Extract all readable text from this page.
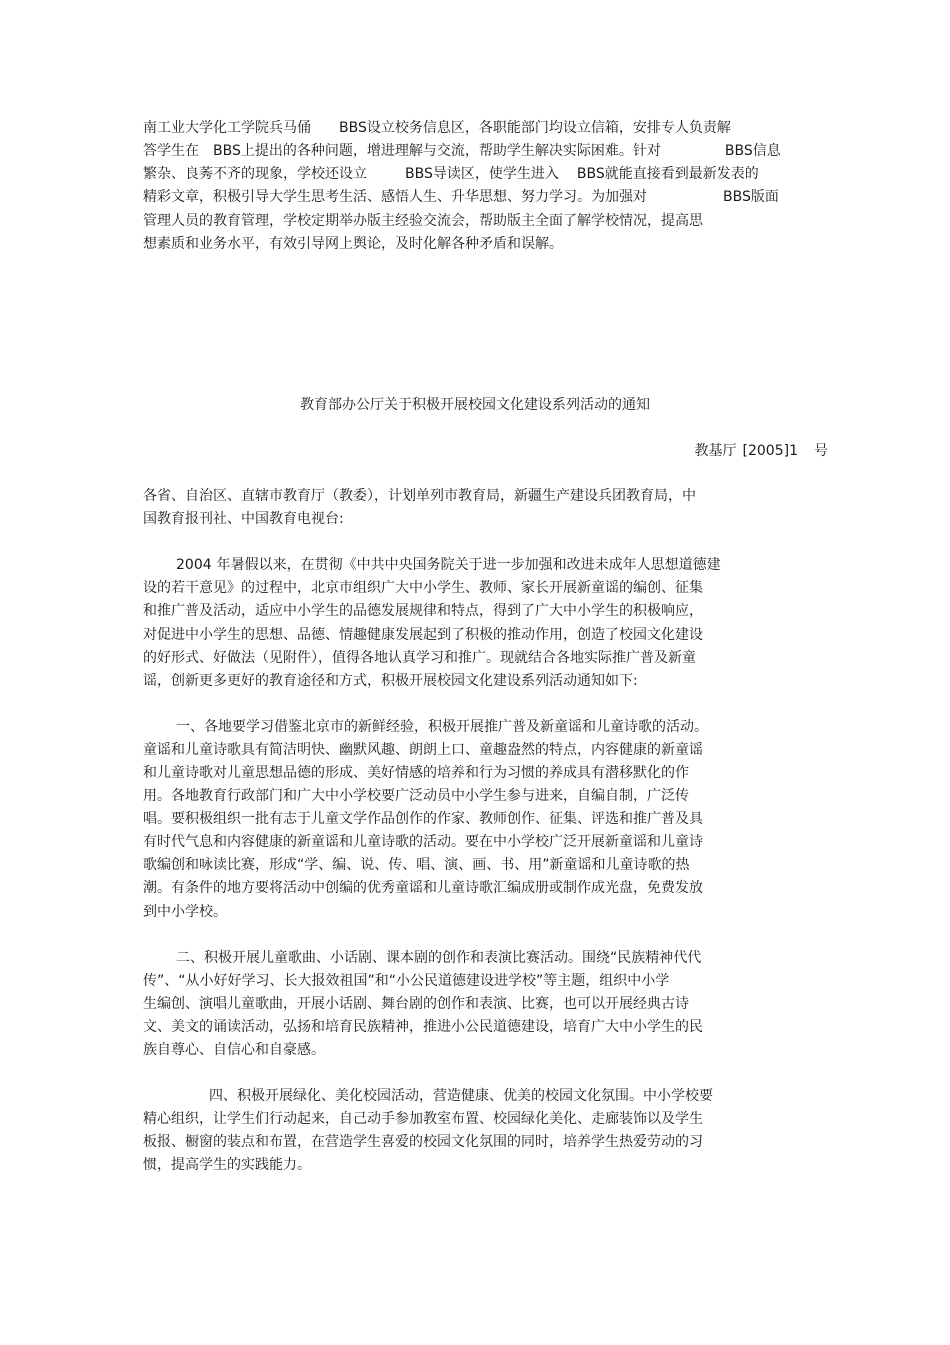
南工业大学化工学院兵马俑 BBS设立校务信息区，各职能部门均设立信箱，安排专人负责解
答学生在 BBS上提出的各种问题，增进理解与交流，帮助学生解决实际困难。针对	BBS信息
繁杂、良莠不齐的现象，学校还设立	BBS导读区，使学生进入 BBS就能直接看到最新发表的
精彩文章，积极引导大学生思考生活、感悟人生、升华思想、努力学习。为加强对	BBS版面
管理人员的教育管理，学校定期举办版主经验交流会，帮助版主全面了解学校情况，提高思
想素质和业务水平，有效引导网上舆论，及时化解各种矛盾和误解。
教育部办公厅关于积极开展校园文化建设系列活动的通知
教基厅 [2005]1 号
各省、自治区、直辖市教育厅（教委），计划单列市教育局，新疆生产建设兵团教育局，中
国教育报刊社、中国教育电视台:
2004 年暑假以来，在贯彻《中共中央国务院关于进一步加强和改进未成年人思想道德建
设的若干意见》的过程中，北京市组织广大中小学生、教师、家长开展新童谣的编创、征集
和推广普及活动，适应中小学生的品德发展规律和特点，得到了广大中小学生的积极响应，
对促进中小学生的思想、品德、情趣健康发展起到了积极的推动作用，创造了校园文化建设
的好形式、好做法（见附件），值得各地认真学习和推广。现就结合各地实际推广普及新童
谣，创新更多更好的教育途径和方式，积极开展校园文化建设系列活动通知如下:
一、各地要学习借鉴北京市的新鲜经验，积极开展推广普及新童谣和儿童诗歌的活动。
童谣和儿童诗歌具有简洁明快、幽默风趣、朗朗上口、童趣盎然的特点，内容健康的新童谣
和儿童诗歌对儿童思想品德的形成、美好情感的培养和行为习惯的养成具有潜移默化的作
用。各地教育行政部门和广大中小学校要广泛动员中小学生参与进来，自编自制，广泛传
唱。要积极组织一批有志于儿童文学作品创作的作家、教师创作、征集、评选和推广普及具
有时代气息和内容健康的新童谣和儿童诗歌的活动。要在中小学校广泛开展新童谣和儿童诗
歌编创和咏读比赛，形成“学、编、说、传、唱、演、画、书、用”新童谣和儿童诗歌的热
潮。有条件的地方要将活动中创编的优秀童谣和儿童诗歌汇编成册或制作成光盘，免费发放
到中小学校。
二、积极开展儿童歌曲、小话剧、课本剧的创作和表演比赛活动。围绕“民族精神代代
传”、“从小好好学习、长大报效祖国”和“小公民道德建设进学校”等主题，组织中小学
生编创、演唱儿童歌曲，开展小话剧、舞台剧的创作和表演、比赛，也可以开展经典古诗
文、美文的诵读活动，弘扬和培育民族精神，推进小公民道德建设，培育广大中小学生的民
族自尊心、自信心和自豪感。
四、积极开展绿化、美化校园活动，营造健康、优美的校园文化氛围。中小学校要
精心组织，让学生们行动起来，自己动手参加教室布置、校园绿化美化、走廊装饰以及学生
板报、橱窗的装点和布置，在营造学生喜爱的校园文化氛围的同时，培养学生热爱劳动的习
惯，提高学生的实践能力。
